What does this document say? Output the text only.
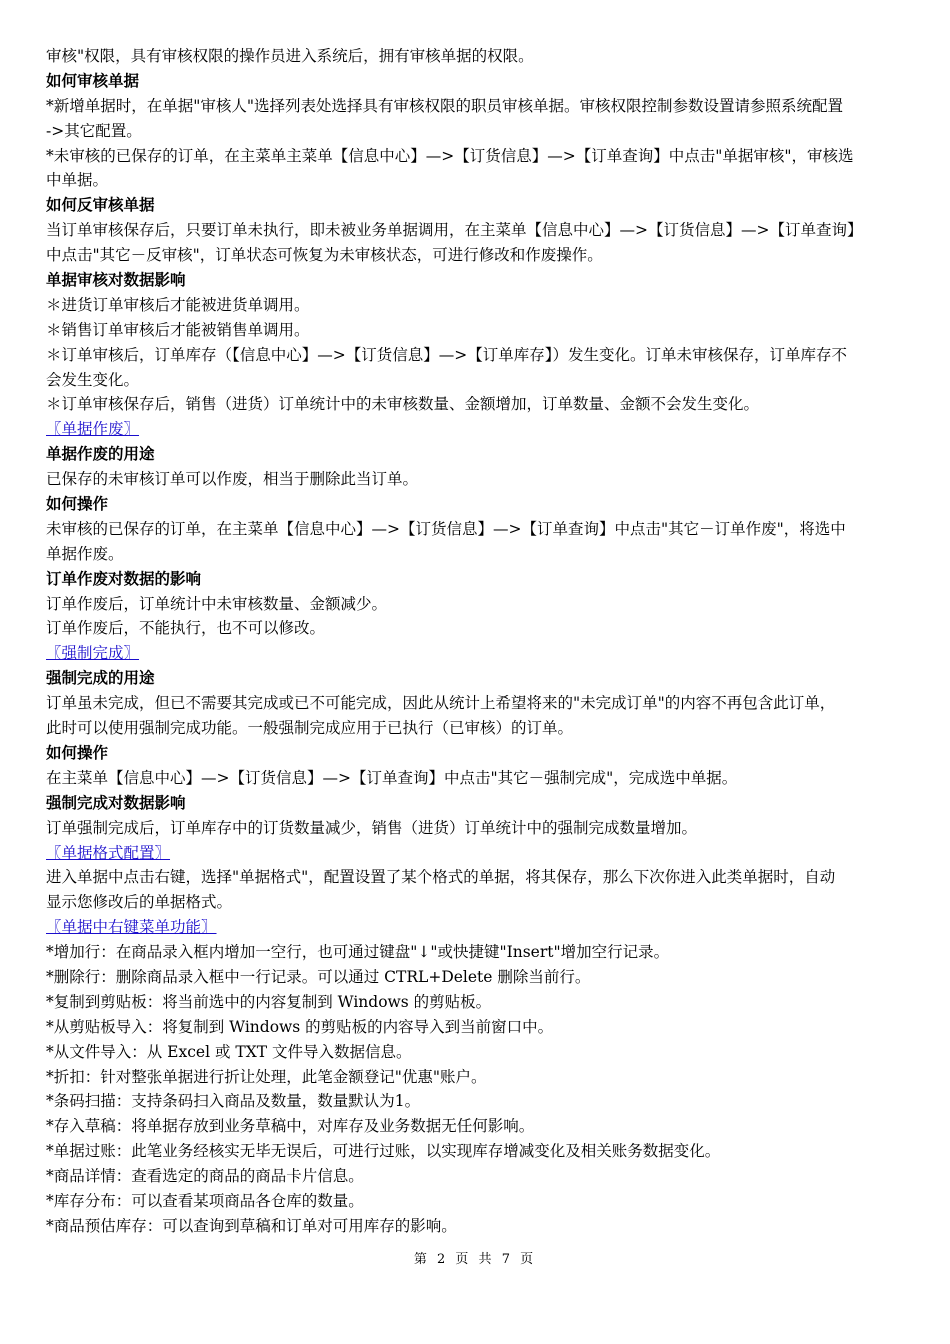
审核"权限，具有审核权限的操作员进入系统后，拥有审核单据的权限。
如何审核单据
*新增单据时，在单据"审核人"选择列表处选择具有审核权限的职员审核单据。审核权限控制参数设置请参照系统配置
->其它配置。
*未审核的已保存的订单，在主菜单主菜单【信息中心】—>【订货信息】—>【订单查询】中点击"单据审核"，审核选
中单据。
如何反审核单据
当订单审核保存后，只要订单未执行，即未被业务单据调用，在主菜单【信息中心】—>【订货信息】—>【订单查询】
中点击"其它－反审核"，订单状态可恢复为未审核状态，可进行修改和作废操作。
单据审核对数据影响
＊进货订单审核后才能被进货单调用。
＊销售订单审核后才能被销售单调用。
＊订单审核后，订单库存（【信息中心】—>【订货信息】—>【订单库存】）发生变化。订单未审核保存，订单库存不
会发生变化。
＊订单审核保存后，销售（进货）订单统计中的未审核数量、金额增加，订单数量、金额不会发生变化。
〖单据作废〗
单据作废的用途
已保存的未审核订单可以作废，相当于删除此当订单。
如何操作
未审核的已保存的订单，在主菜单【信息中心】—>【订货信息】—>【订单查询】中点击"其它－订单作废"，将选中
单据作废。
订单作废对数据的影响
订单作废后，订单统计中未审核数量、金额减少。
订单作废后，不能执行，也不可以修改。
〖强制完成〗
强制完成的用途
订单虽未完成，但已不需要其完成或已不可能完成，因此从统计上希望将来的"未完成订单"的内容不再包含此订单，
此时可以使用强制完成功能。一般强制完成应用于已执行（已审核）的订单。
如何操作
在主菜单【信息中心】—>【订货信息】—>【订单查询】中点击"其它－强制完成"，完成选中单据。
强制完成对数据影响
订单强制完成后，订单库存中的订货数量减少，销售（进货）订单统计中的强制完成数量增加。
〖单据格式配置〗
进入单据中点击右键，选择"单据格式"，配置设置了某个格式的单据，将其保存，那么下次你进入此类单据时，自动
显示您修改后的单据格式。
〖单据中右键菜单功能〗
*增加行：在商品录入框内增加一空行，也可通过键盘"↓"或快捷键"Insert"增加空行记录。
*删除行：删除商品录入框中一行记录。可以通过 CTRL+Delete 删除当前行。
*复制到剪贴板：将当前选中的内容复制到 Windows 的剪贴板。
*从剪贴板导入：将复制到 Windows 的剪贴板的内容导入到当前窗口中。
*从文件导入：从 Excel 或 TXT 文件导入数据信息。
*折扣：针对整张单据进行折让处理，此笔金额登记"优惠"账户。
*条码扫描：支持条码扫入商品及数量，数量默认为1。
*存入草稿：将单据存放到业务草稿中，对库存及业务数据无任何影响。
*单据过账：此笔业务经核实无毕无误后，可进行过账，以实现库存增减变化及相关账务数据变化。
*商品详情：查看选定的商品的商品卡片信息。
*库存分布：可以查看某项商品各仓库的数量。
*商品预估库存：可以查询到草稿和订单对可用库存的影响。
第 2 页 共 7 页
